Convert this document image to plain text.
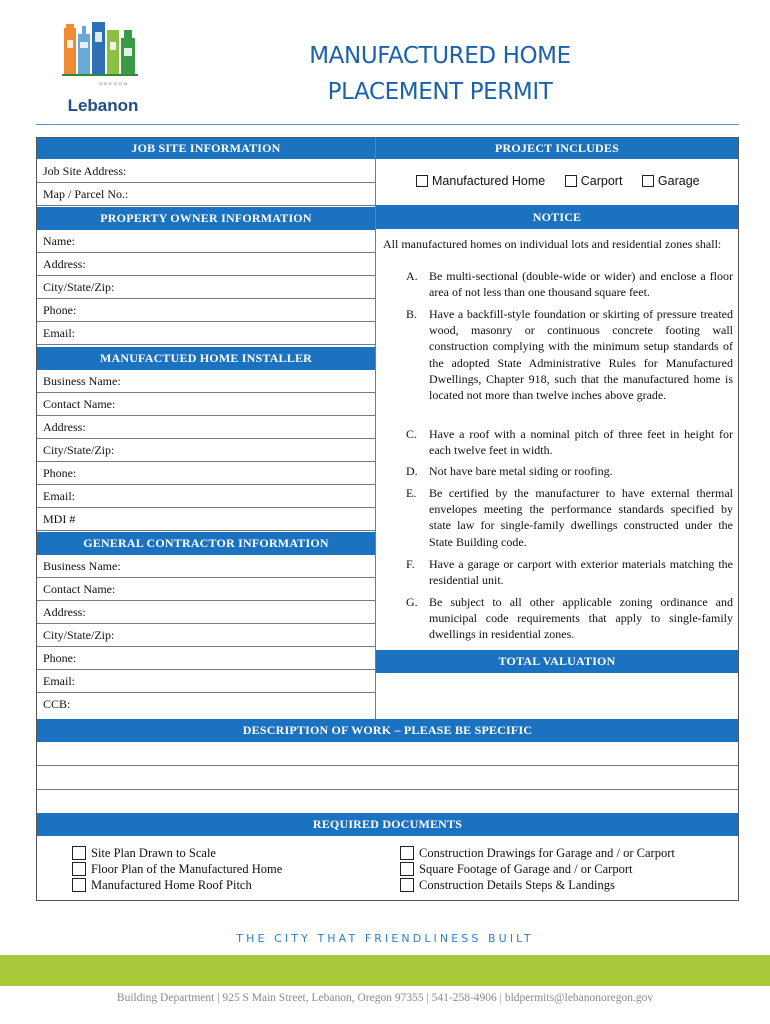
OREGON
Lebanon
MANUFACTURED HOME
PLACEMENT PERMIT
JOB SITE INFORMATION
Job Site Address:
Map / Parcel No.:
PROPERTY OWNER INFORMATION
Name:
Address:
City/State/Zip:
Phone:
Email:
MANUFACTUED HOME INSTALLER
Business Name:
Contact Name:
Address:
City/State/Zip:
Phone:
Email:
MDI #
GENERAL CONTRACTOR INFORMATION
Business Name:
Contact Name:
Address:
City/State/Zip:
Phone:
Email:
CCB:
PROJECT INCLUDES
Manufactured Home	Carport	Garage
NOTICE
All manufactured homes on individual lots and residential zones shall:
A. Be multi-sectional (double-wide or wider) and enclose a floor area of not less than one thousand square feet.
B. Have a backfill-style foundation or skirting of pressure treated wood, masonry or continuous concrete footing wall construction complying with the minimum setup standards of the adopted State Administrative Rules for Manufactured Dwellings, Chapter 918, such that the manufactured home is located not more than twelve inches above grade.
C. Have a roof with a nominal pitch of three feet in height for each twelve feet in width.
D. Not have bare metal siding or roofing.
E.	Be certified by the manufacturer to have external thermal envelopes meeting the performance standards specified by state law for single-family dwellings constructed under the State Building code.
F.	Have a garage or carport with exterior materials matching the residential unit.
G. Be subject to all other applicable zoning ordinance and municipal code requirements that apply to single-family dwellings in residential zones.
TOTAL VALUATION
DESCRIPTION OF WORK – PLEASE BE SPECIFIC
REQUIRED DOCUMENTS
Site Plan Drawn to Scale
Floor Plan of the Manufactured Home
Manufactured Home Roof Pitch
Construction Drawings for Garage and / or Carport
Square Footage of Garage and / or Carport
Construction Details Steps & Landings
THE CITY THAT FRIENDLINESS BUILT
Building Department | 925 S Main Street, Lebanon, Oregon 97355 | 541-258-4906 | bldpermits@lebanonoregon.gov
